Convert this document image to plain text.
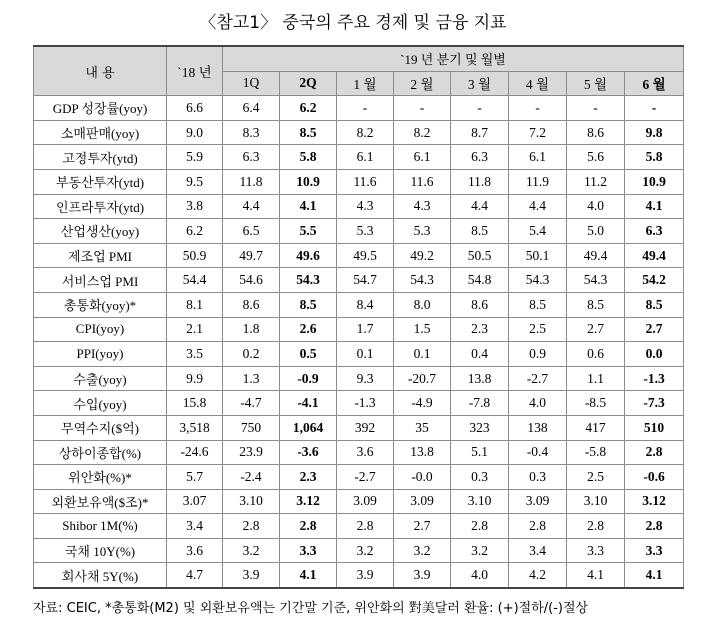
〈참고1〉 중국의 주요 경제 및 금융 지표
내 용	`18 년	`19 년 분기 및 월별							
		1Q	2Q	1 월	2 월	3 월	4 월	5 월	6 월
GDP 성장률(yoy)	6.6	6.4	6.2	-	-	-	-	-	-
소매판매(yoy)	9.0	8.3	8.5	8.2	8.2	8.7	7.2	8.6	9.8
고정투자(ytd)	5.9	6.3	5.8	6.1	6.1	6.3	6.1	5.6	5.8
부동산투자(ytd)	9.5	11.8	10.9	11.6	11.6	11.8	11.9	11.2	10.9
인프라투자(ytd)	3.8	4.4	4.1	4.3	4.3	4.4	4.4	4.0	4.1
산업생산(yoy)	6.2	6.5	5.5	5.3	5.3	8.5	5.4	5.0	6.3
제조업 PMI	50.9	49.7	49.6	49.5	49.2	50.5	50.1	49.4	49.4
서비스업 PMI	54.4	54.6	54.3	54.7	54.3	54.8	54.3	54.3	54.2
총통화(yoy)*	8.1	8.6	8.5	8.4	8.0	8.6	8.5	8.5	8.5
CPI(yoy)	2.1	1.8	2.6	1.7	1.5	2.3	2.5	2.7	2.7
PPI(yoy)	3.5	0.2	0.5	0.1	0.1	0.4	0.9	0.6	0.0
수출(yoy)	9.9	1.3	-0.9	9.3	-20.7	13.8	-2.7	1.1	-1.3
수입(yoy)	15.8	-4.7	-4.1	-1.3	-4.9	-7.8	4.0	-8.5	-7.3
무역수지($억)	3,518	750	1,064	392	35	323	138	417	510
상하이종합(%)	-24.6	23.9	-3.6	3.6	13.8	5.1	-0.4	-5.8	2.8
위안화(%)*	5.7	-2.4	2.3	-2.7	-0.0	0.3	0.3	2.5	-0.6
외환보유액($조)*	3.07	3.10	3.12	3.09	3.09	3.10	3.09	3.10	3.12
Shibor 1M(%)	3.4	2.8	2.8	2.8	2.7	2.8	2.8	2.8	2.8
국채 10Y(%)	3.6	3.2	3.3	3.2	3.2	3.2	3.4	3.3	3.3
회사채 5Y(%)	4.7	3.9	4.1	3.9	3.9	4.0	4.2	4.1	4.1
자료: CEIC, *총통화(M2) 및 외환보유액는 기간말 기준, 위안화의 對美달러 환율: (+)절하/(-)절상
